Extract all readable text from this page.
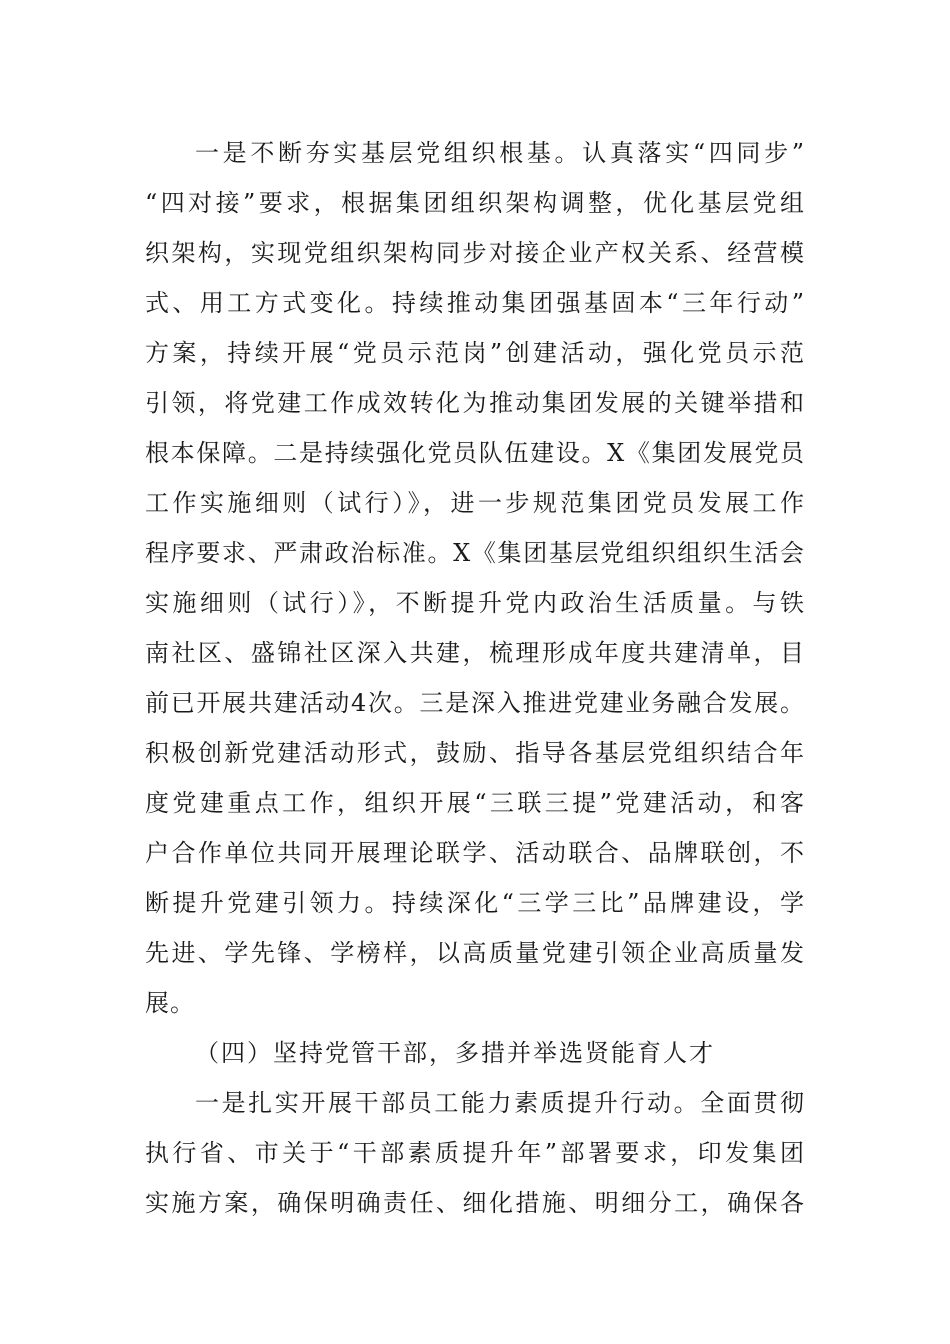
一是不断夯实基层党组织根基。认真落实“四同步”
“四对接”要求，根据集团组织架构调整，优化基层党组
织架构，实现党组织架构同步对接企业产权关系、经营模
式、用工方式变化。持续推动集团强基固本“三年行动”
方案，持续开展“党员示范岗”创建活动，强化党员示范
引领，将党建工作成效转化为推动集团发展的关键举措和
根本保障。二是持续强化党员队伍建设。X《集团发展党员
工作实施细则（试行）》，进一步规范集团党员发展工作
程序要求、严肃政治标准。X《集团基层党组织组织生活会
实施细则（试行）》，不断提升党内政治生活质量。与铁
南社区、盛锦社区深入共建，梳理形成年度共建清单，目
前已开展共建活动4次。三是深入推进党建业务融合发展。
积极创新党建活动形式，鼓励、指导各基层党组织结合年
度党建重点工作，组织开展“三联三提”党建活动，和客
户合作单位共同开展理论联学、活动联合、品牌联创，不
断提升党建引领力。持续深化“三学三比”品牌建设，学
先进、学先锋、学榜样，以高质量党建引领企业高质量发
展。
（四）坚持党管干部，多措并举选贤能育人才
一是扎实开展干部员工能力素质提升行动。全面贯彻
执行省、市关于“干部素质提升年”部署要求，印发集团
实施方案，确保明确责任、细化措施、明细分工，确保各
